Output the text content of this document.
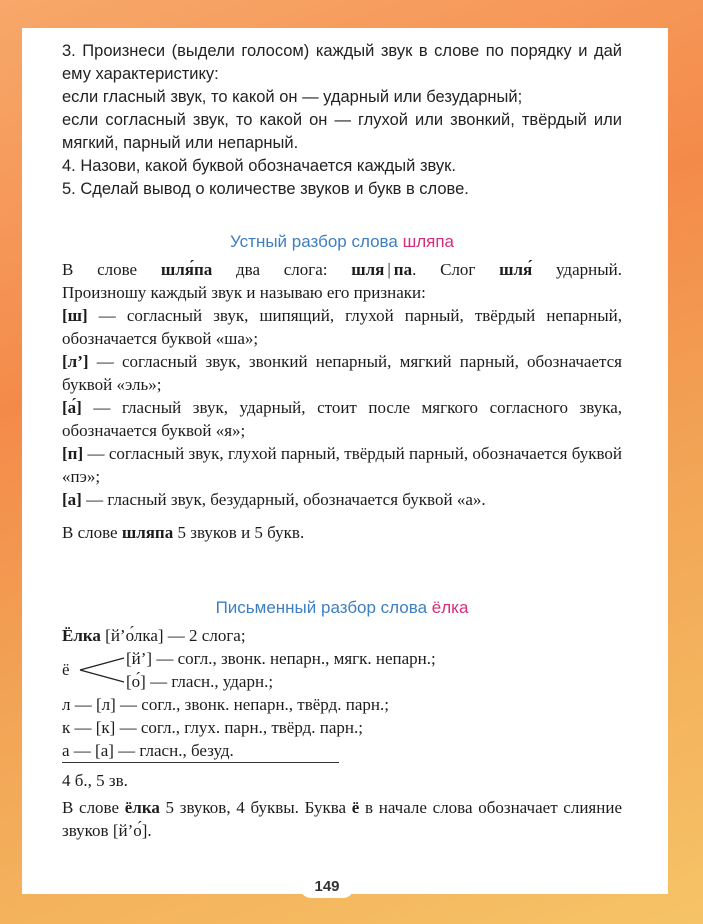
3. Произнеси (выдели голосом) каждый звук в слове по порядку и дай ему характеристику:

если гласный звук, то какой он — ударный или безударный;

если согласный звук, то какой он — глухой или звонкий, твёрдый или мягкий, парный или непарный.

4. Назови, какой буквой обозначается каждый звук.

5. Сделай вывод о количестве звуков и букв в слове.

Устный разбор слова шляпа

В слове шля́па два слога: шля | па. Слог шля́ ударный.

Произношу каждый звук и называю его признаки:

[ш] — согласный звук, шипящий, глухой парный, твёрдый непарный, обозначается буквой «ша»;

[л’] — согласный звук, звонкий непарный, мягкий парный, обозначается буквой «эль»;

[а́] — гласный звук, ударный, стоит после мягкого согласного звука, обозначается буквой «я»;

[п] — согласный звук, глухой парный, твёрдый парный, обозначается буквой «пэ»;

[а] — гласный звук, безударный, обозначается буквой «а».

В слове шляпа 5 звуков и 5 букв.

Письменный разбор слова ёлка

Ёлка [й’о́лка] — 2 слога;
ё
[й’] — согл., звонк. непарн., мягк. непарн.;
[о́] — гласн., ударн.;
л — [л] — согл., звонк. непарн., твёрд. парн.;
к — [к] — согл., глух. парн., твёрд. парн.;
а — [а] — гласн., безуд.
4 б., 5 зв.

В слове ёлка 5 звуков, 4 буквы. Буква ё в начале слова обозначает слияние звуков [й’о́].

149
